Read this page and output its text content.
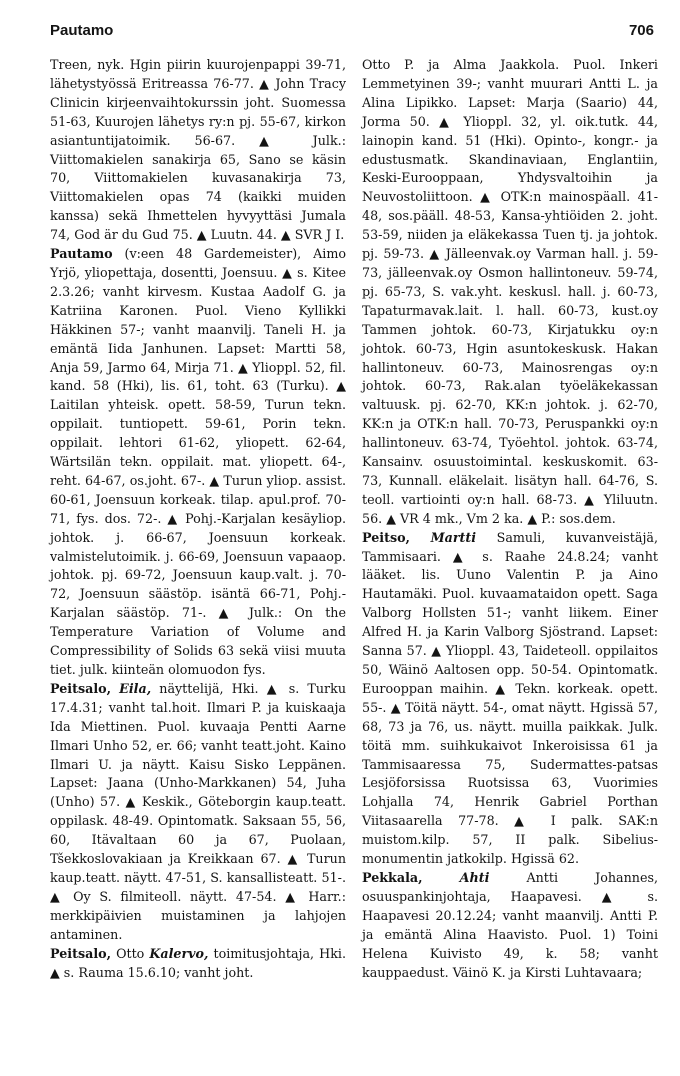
Pautamo	706

Treen, nyk. Hgin piirin kuurojenpappi 39-71, lähetystyössä Eritreassa 76-77. ▲ John Tracy Clinicin kirjeenvaihtokurssin joht. Suomessa 51-63, Kuurojen lähetys ry:n pj. 55-67, kirkon asiantuntijatoimik. 56-67. ▲ Julk.: Viittomakielen sanakirja 65, Sano se käsin 70, Viittomakielen kuvasanakirja 73, Viittomakielen opas 74 (kaikki muiden kanssa) sekä Ihmettelen hyvyyttäsi Jumala 74, God är du Gud 75. ▲ Luutn. 44. ▲ SVR J I.

Pautamo (v:een 48 Gardemeister), Aimo Yrjö, yliopettaja, dosentti, Joensuu. ▲ s. Kitee 2.3.26; vanht kirvesm. Kustaa Aadolf G. ja Katriina Karonen. Puol. Vieno Kyllikki Häkkinen 57-; vanht maanvilj. Taneli H. ja emäntä Iida Janhunen. Lapset: Martti 58, Anja 59, Jarmo 64, Mirja 71. ▲ Ylioppl. 52, fil. kand. 58 (Hki), lis. 61, toht. 63 (Turku). ▲ Laitilan yhteisk. opett. 58-59, Turun tekn. oppilait. tuntiopett. 59-61, Porin tekn. oppilait. lehtori 61-62, yliopett. 62-64, Wärtsilän tekn. oppilait. mat. yliopett. 64-, reht. 64-67, os.joht. 67-. ▲ Turun yliop. assist. 60-61, Joensuun korkeak. tilap. apul.prof. 70-71, fys. dos. 72-. ▲ Pohj.-Karjalan kesäyliop. johtok. j. 66-67, Joensuun korkeak. valmistelutoimik. j. 66-69, Joensuun vapaaop. johtok. pj. 69-72, Joensuun kaup.valt. j. 70-72, Joensuun säästöp. isäntä 66-71, Pohj.-Karjalan säästöp. 71-. ▲ Julk.: On the Temperature Variation of Volume and Compressibility of Solids 63 sekä viisi muuta tiet. julk. kiinteän olomuodon fys.

Peitsalo, Eila, näyttelijä, Hki. ▲ s. Turku 17.4.31; vanht tal.hoit. Ilmari P. ja kuiskaaja Ida Miettinen. Puol. kuvaaja Pentti Aarne Ilmari Unho 52, er. 66; vanht teatt.joht. Kaino Ilmari U. ja näytt. Kaisu Sisko Leppänen. Lapset: Jaana (Unho-Markkanen) 54, Juha (Unho) 57. ▲ Keskik., Göteborgin kaup.teatt. oppilask. 48-49. Opintomatk. Saksaan 55, 56, 60, Itävaltaan 60 ja 67, Puolaan, Tšekkoslovakiaan ja Kreikkaan 67. ▲ Turun kaup.teatt. näytt. 47-51, S. kansallisteatt. 51-. ▲ Oy S. filmiteoll. näytt. 47-54. ▲ Harr.: merkkipäivien muistaminen ja lahjojen antaminen.

Peitsalo, Otto Kalervo, toimitusjohtaja, Hki. ▲ s. Rauma 15.6.10; vanht joht.

Otto P. ja Alma Jaakkola. Puol. Inkeri Lemmetyinen 39-; vanht muurari Antti L. ja Alina Lipikko. Lapset: Marja (Saario) 44, Jorma 50. ▲ Ylioppl. 32, yl. oik.tutk. 44, lainopin kand. 51 (Hki). Opinto-, kongr.- ja edustusmatk. Skandinaviaan, Englantiin, Keski-Eurooppaan, Yhdysvaltoihin ja Neuvostoliittoon. ▲ OTK:n mainospäall. 41-48, sos.pääll. 48-53, Kansa-yhtiöiden 2. joht. 53-59, niiden ja eläkekassa Tuen tj. ja johtok. pj. 59-73. ▲ Jälleenvak.oy Varman hall. j. 59-73, jälleenvak.oy Osmon hallintoneuv. 59-74, pj. 65-73, S. vak.yht. keskusl. hall. j. 60-73, Tapaturmavak.lait. l. hall. 60-73, kust.oy Tammen johtok. 60-73, Kirjatukku oy:n johtok. 60-73, Hgin asuntokeskusk. Hakan hallintoneuv. 60-73, Mainosrengas oy:n johtok. 60-73, Rak.alan työeläkekassan valtuusk. pj. 62-70, KK:n johtok. j. 62-70, KK:n ja OTK:n hall. 70-73, Peruspankki oy:n hallintoneuv. 63-74, Työehtol. johtok. 63-74, Kansainv. osuustoimintal. keskuskomit. 63-73, Kunnall. eläkelait. lisätyn hall. 64-76, S. teoll. vartiointi oy:n hall. 68-73. ▲ Yliluutn. 56. ▲ VR 4 mk., Vm 2 ka. ▲ P.: sos.dem.

Peitso, Martti Samuli, kuvanveistäjä, Tammisaari. ▲ s. Raahe 24.8.24; vanht lääket. lis. Uuno Valentin P. ja Aino Hautamäki. Puol. kuvaamataidon opett. Saga Valborg Hollsten 51-; vanht liikem. Einer Alfred H. ja Karin Valborg Sjöstrand. Lapset: Sanna 57. ▲ Ylioppl. 43, Taideteoll. oppilaitos 50, Wäinö Aaltosen opp. 50-54. Opintomatk. Eurooppan maihin. ▲ Tekn. korkeak. opett. 55-. ▲ Töitä näytt. 54-, omat näytt. Hgissä 57, 68, 73 ja 76, us. näytt. muilla paikkak. Julk. töitä mm. suihkukaivot Inkeroisissa 61 ja Tammisaaressa 75, Sudermattes-patsas Lesjöforsissa Ruotsissa 63, Vuorimies Lohjalla 74, Henrik Gabriel Porthan Viitasaarella 77-78. ▲ I palk. SAK:n muistom.kilp. 57, II palk. Sibelius-monumentin jatkokilp. Hgissä 62.

Pekkala,	Ahti Antti Johannes, osuuspankinjohtaja, Haapavesi. ▲ s. Haapavesi 20.12.24; vanht maanvilj. Antti P. ja emäntä Alina Haavisto. Puol. 1) Toini Helena Kuivisto 49, k. 58; vanht kauppaedust. Väinö K. ja Kirsti Luhtavaara;
